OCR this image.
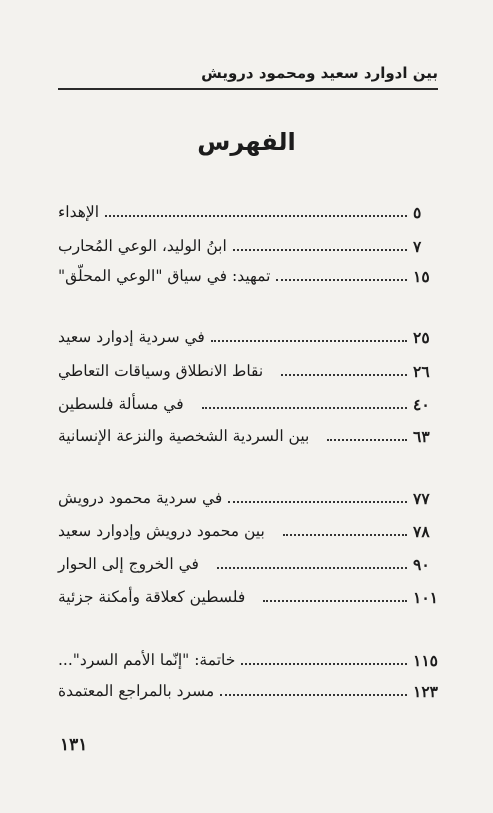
بين ادوارد سعيد ومحمود درويش
الفهرس
الإهداء	٥
ابنُ الوليد، الوعي المُحارب	٧
تمهيد: في سياق "الوعي المحلّق"	١٥
في سردية إدوارد سعيد	٢٥
نقاط الانطلاق وسياقات التعاطي	٢٦
في مسألة فلسطين	٤٠
بين السردية الشخصية والنزعة الإنسانية	٦٣
في سردية محمود درويش	٧٧
بين محمود درويش وإدوارد سعيد	٧٨
في الخروج إلى الحوار	٩٠
فلسطين كعلاقة وأمكنة جزئية	١٠١
خاتمة: "إنّما الأمم السرد"...	١١٥
مسرد بالمراجع المعتمدة	١٢٣
١٣١
